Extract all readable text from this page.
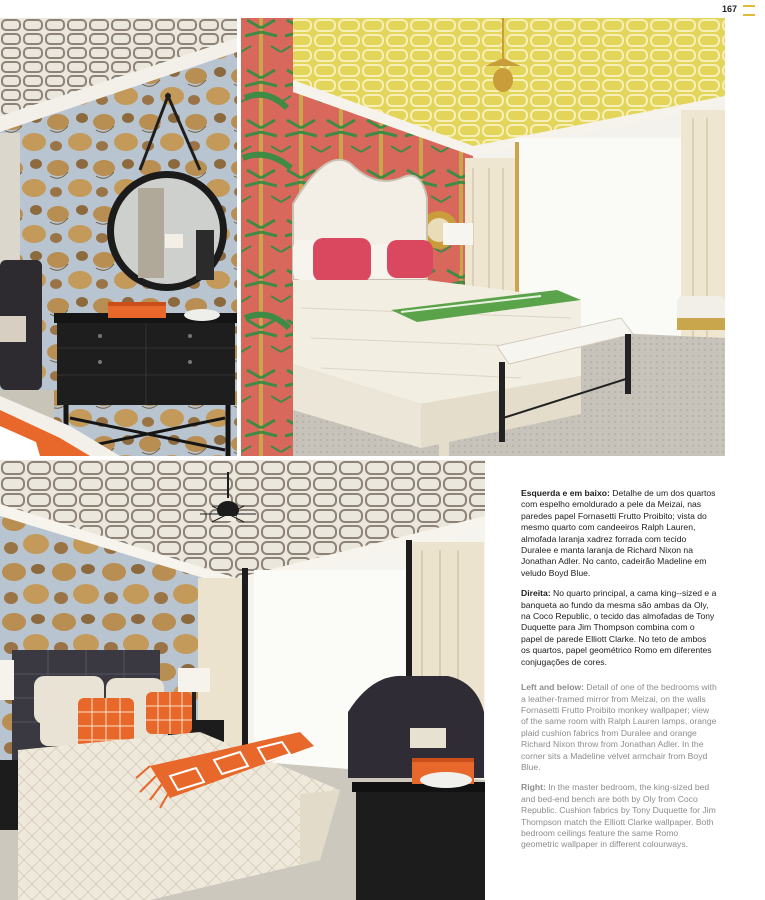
167

Esquerda e em baixo: Detalhe de um dos quartos com espelho emoldurado a pele da Meizai, nas paredes papel Fornasetti Frutto Proibito; vista do mesmo quarto com candeeiros Ralph Lauren, almofada laranja xadrez forrada com tecido Duralee e manta laranja de Richard Nixon na Jonathan Adler. No canto, cadeirão Madeline em veludo Boyd Blue.

Direita: No quarto principal, a cama king--sized e a banqueta ao fundo da mesma são ambas da Oly, na Coco Republic, o tecido das almofadas de Tony Duquette para Jim Thompson combina com o papel de parede Elliott Clarke. No teto de ambos os quartos, papel geométrico Romo em diferentes conjugações de cores.

Left and below: Detail of one of the bedrooms with a leather-framed mirror from Meizai, on the walls Fornasetti Frutto Proibito monkey wallpaper; view of the same room with Ralph Lauren lamps, orange plaid cushion fabrics from Duralee and orange Richard Nixon throw from Jonathan Adler. In the corner sits a Madeline velvet armchair from Boyd Blue.

Right: In the master bedroom, the king-sized bed and bed-end bench are both by Oly from Coco Republic. Cushion fabrics by Tony Duquette for Jim Thompson match the Elliott Clarke wallpaper. Both bedroom ceilings feature the same Romo geometric wallpaper in different colourways.
